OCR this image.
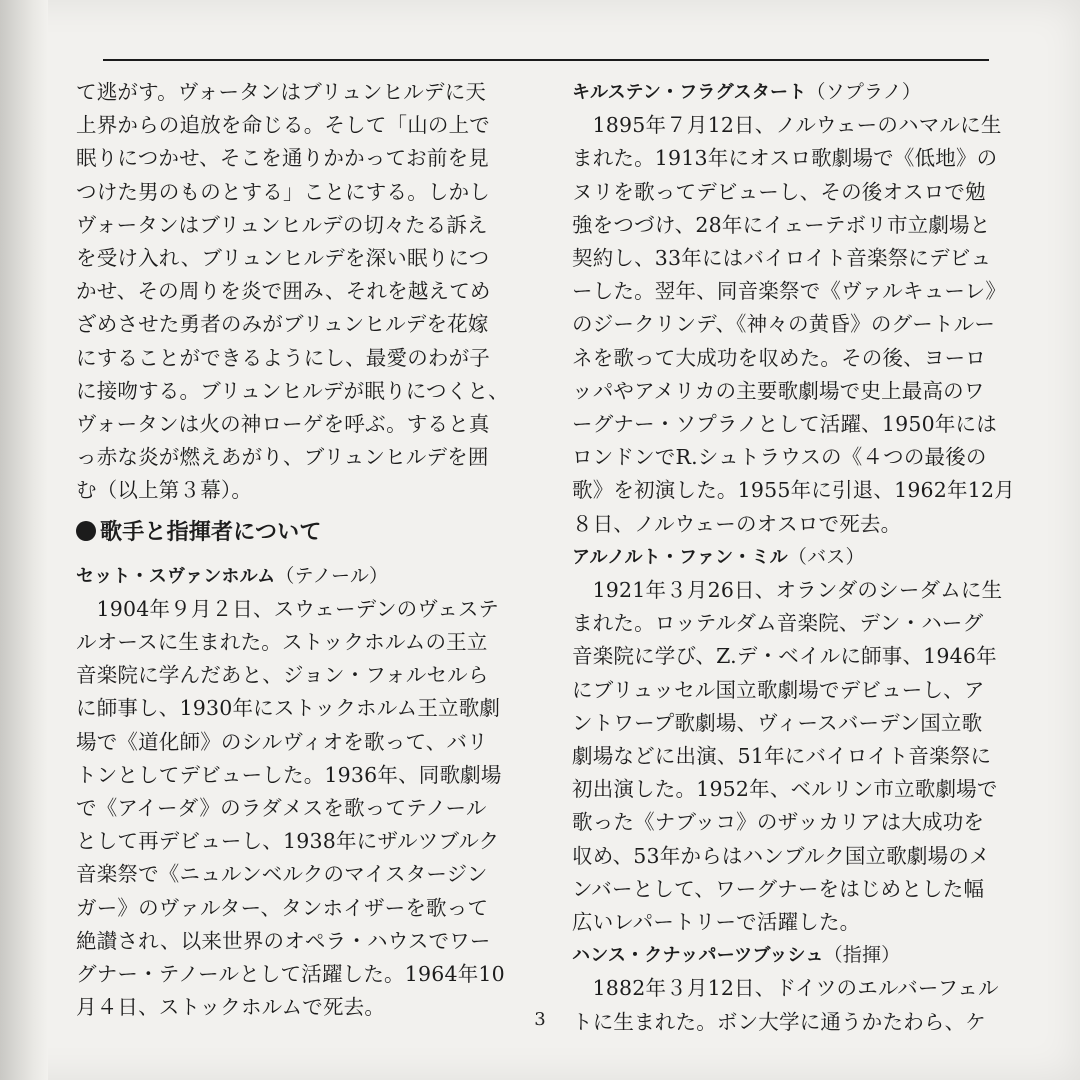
て逃がす。ヴォータンはブリュンヒルデに天
上界からの追放を命じる。そして「山の上で
眠りにつかせ、そこを通りかかってお前を見
つけた男のものとする」ことにする。しかし
ヴォータンはブリュンヒルデの切々たる訴え
を受け入れ、ブリュンヒルデを深い眠りにつ
かせ、その周りを炎で囲み、それを越えてめ
ざめさせた勇者のみがブリュンヒルデを花嫁
にすることができるようにし、最愛のわが子
に接吻する。ブリュンヒルデが眠りにつくと、
ヴォータンは火の神ローゲを呼ぶ。すると真
っ赤な炎が燃えあがり、ブリュンヒルデを囲
む（以上第３幕）。
歌手と指揮者について
セット・スヴァンホルム（テノール）
1904年９月２日、スウェーデンのヴェステ
ルオースに生まれた。ストックホルムの王立
音楽院に学んだあと、ジョン・フォルセルら
に師事し、1930年にストックホルム王立歌劇
場で《道化師》のシルヴィオを歌って、バリ
トンとしてデビューした。1936年、同歌劇場
で《アイーダ》のラダメスを歌ってテノール
として再デビューし、1938年にザルツブルク
音楽祭で《ニュルンベルクのマイスタージン
ガー》のヴァルター、タンホイザーを歌って
絶讃され、以来世界のオペラ・ハウスでワー
グナー・テノールとして活躍した。1964年10
月４日、ストックホルムで死去。
キルステン・フラグスタート（ソプラノ）
1895年７月12日、ノルウェーのハマルに生
まれた。1913年にオスロ歌劇場で《低地》の
ヌリを歌ってデビューし、その後オスロで勉
強をつづけ、28年にイェーテボリ市立劇場と
契約し、33年にはバイロイト音楽祭にデビュ
ーした。翌年、同音楽祭で《ヴァルキューレ》
のジークリンデ、《神々の黄昏》のグートルー
ネを歌って大成功を収めた。その後、ヨーロ
ッパやアメリカの主要歌劇場で史上最高のワ
ーグナー・ソプラノとして活躍、1950年には
ロンドンでR.シュトラウスの《４つの最後の
歌》を初演した。1955年に引退、1962年12月
８日、ノルウェーのオスロで死去。
アルノルト・ファン・ミル（バス）
1921年３月26日、オランダのシーダムに生
まれた。ロッテルダム音楽院、デン・ハーグ
音楽院に学び、Z.デ・ベイルに師事、1946年
にブリュッセル国立歌劇場でデビューし、ア
ントワープ歌劇場、ヴィースバーデン国立歌
劇場などに出演、51年にバイロイト音楽祭に
初出演した。1952年、ベルリン市立歌劇場で
歌った《ナブッコ》のザッカリアは大成功を
収め、53年からはハンブルク国立歌劇場のメ
ンバーとして、ワーグナーをはじめとした幅
広いレパートリーで活躍した。
ハンス・クナッパーツブッシュ（指揮）
1882年３月12日、ドイツのエルバーフェル
トに生まれた。ボン大学に通うかたわら、ケ
3
